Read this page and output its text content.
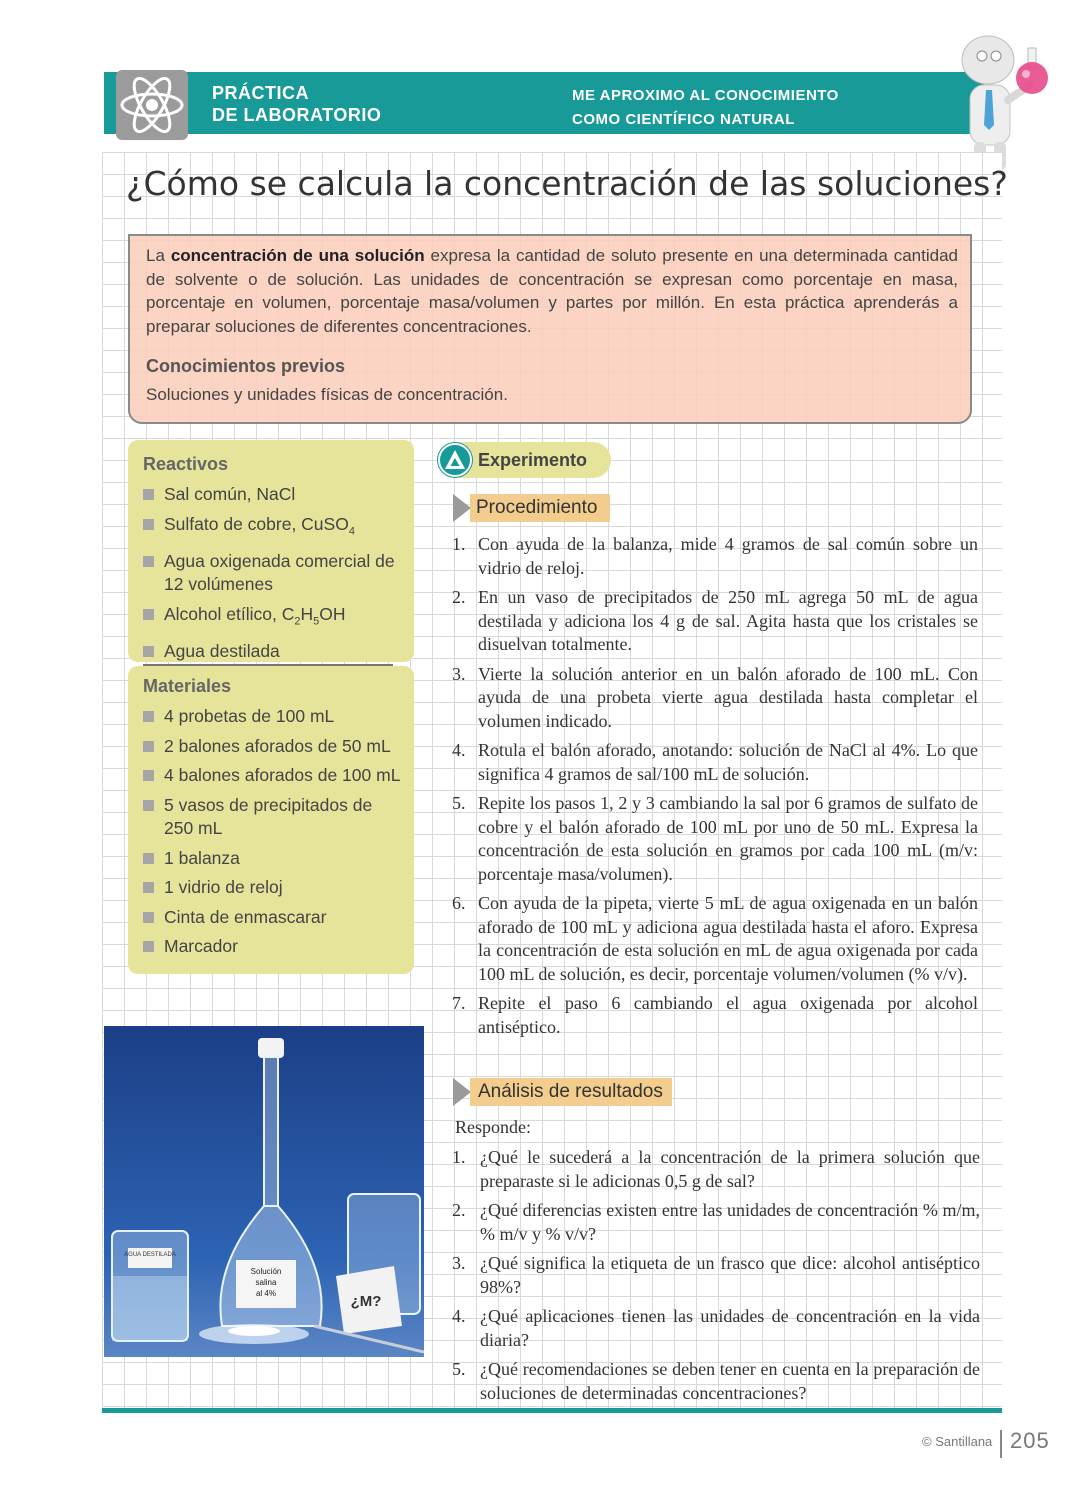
PRÁCTICA
DE LABORATORIO
ME APROXIMO AL CONOCIMIENTO
COMO CIENTÍFICO NATURAL
¿Cómo se calcula la concentración de las soluciones?
La concentración de una solución expresa la cantidad de soluto presente en una determinada cantidad de solvente o de solución. Las unidades de concentración se expresan como porcentaje en masa, porcentaje en volumen, porcentaje masa/volumen y partes por millón. En esta práctica aprenderás a preparar soluciones de diferentes concentraciones.
Conocimientos previos
Soluciones y unidades físicas de concentración.
Reactivos
Sal común, NaCl
Sulfato de cobre, CuSO$_4$
Agua oxigenada comercial de 12 volúmenes
Alcohol etílico, $C_2H_5OH$
Agua destilada
Materiales
4 probetas de 100 mL
2 balones aforados de 50 mL
4 balones aforados de 100 mL
5 vasos de precipitados de 250 mL
1 balanza
1 vidrio de reloj
Cinta de enmascarar
Marcador
AGUA DESTILADA
Solución
salina
al 4%	¿M?
Experimento
Procedimiento
1. Con ayuda de la balanza, mide 4 gramos de sal común sobre un vidrio de reloj.
2. En un vaso de precipitados de 250 mL agrega 50 mL de agua destilada y adiciona los 4 g de sal. Agita hasta que los cristales se disuelvan totalmente.
3. Vierte la solución anterior en un balón aforado de 100 mL. Con ayuda de una probeta vierte agua destilada hasta completar el volumen indicado.
4. Rotula el balón aforado, anotando: solución de NaCl al 4%. Lo que significa 4 gramos de sal/100 mL de solución.
5. Repite los pasos 1, 2 y 3 cambiando la sal por 6 gramos de sulfato de cobre y el balón aforado de 100 mL por uno de 50 mL. Expresa la concentración de esta solución en gramos por cada 100 mL (m/v: porcentaje masa/volumen).
6. Con ayuda de la pipeta, vierte 5 mL de agua oxigenada en un balón aforado de 100 mL y adiciona agua destilada hasta el aforo. Expresa la concentración de esta solución en mL de agua oxigenada por cada 100 mL de solución, es decir, porcentaje volumen/volumen (% v/v).
7. Repite el paso 6 cambiando el agua oxigenada por alcohol antiséptico.
Análisis de resultados
Responde:
1. ¿Qué le sucederá a la concentración de la primera solución que preparaste si le adicionas 0,5 g de sal?
2. ¿Qué diferencias existen entre las unidades de concentración % m/m, % m/v y % v/v?
3. ¿Qué significa la etiqueta de un frasco que dice: alcohol antiséptico 98%?
4. ¿Qué aplicaciones tienen las unidades de concentración en la vida diaria?
5. ¿Qué recomendaciones se deben tener en cuenta en la preparación de soluciones de determinadas concentraciones?
© Santillana 205
